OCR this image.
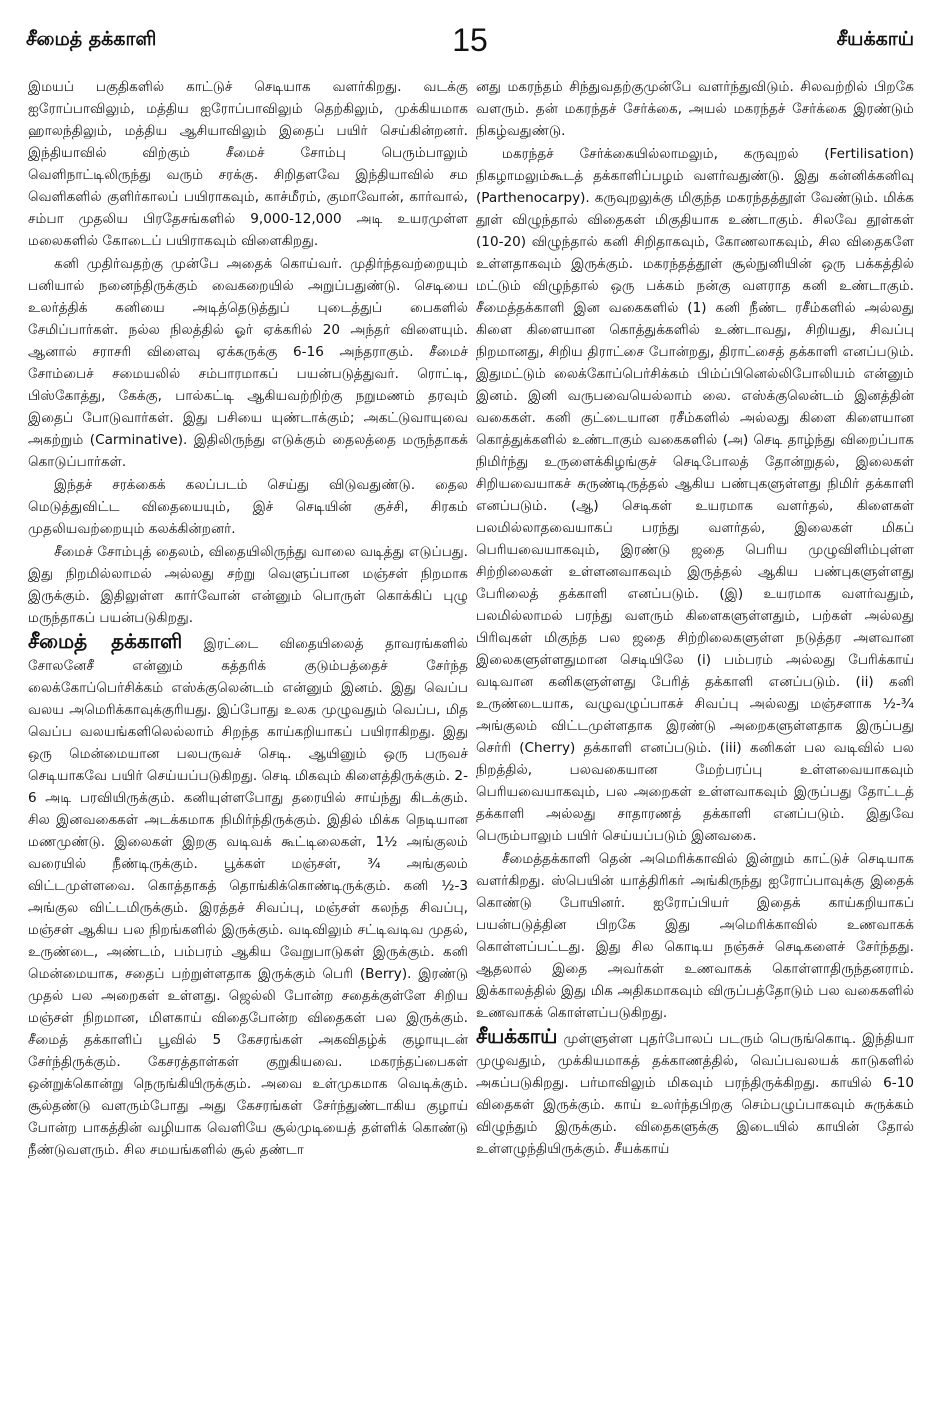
சீமைத் தக்காளி	15	சீயக்காய்

இமயப் பகுதிகளில் காட்டுச் செடியாக வளர்கிறது. வடக்கு ஐரோப்பாவிலும், மத்திய ஐரோப்பாவிலும் தெற்கிலும், முக்கியமாக ஹாலந்திலும், மத்திய ஆசியாவிலும் இதைப் பயிர் செய்கின்றனர். இந்தியாவில் விற்கும் சீமைச் சோம்பு பெரும்பாலும் வெளிநாட்டிலிருந்து வரும் சரக்கு. சிறிதளவே இந்தியாவில் சம வெளிகளில் குளிர்காலப் பயிராகவும், காச்மீரம், குமாவோன், கார்வால், சம்பா முதலிய பிரதேசங்களில் 9,000-12,000 அடி உயரமுள்ள மலைகளில் கோடைப் பயிராகவும் விளைகிறது.

கனி முதிர்வதற்கு முன்பே அதைக் கொய்வர். முதிர்ந்தவற்றையும் பனியால் நனைந்திருக்கும் வைகறையில் அறுப்பதுண்டு. செடியை உலர்த்திக் கனியை அடித்தெடுத்துப் புடைத்துப் பைகளில் சேமிப்பார்கள். நல்ல நிலத்தில் ஓர் ஏக்கரில் 20 அந்தர் விளையும். ஆனால் சராசரி விளைவு ஏக்கருக்கு 6-16 அந்தராகும். சீமைச் சோம்பைச் சமையலில் சம்பாரமாகப் பயன்படுத்துவர். ரொட்டி, பிஸ்கோத்து, கேக்கு, பால்கட்டி ஆகியவற்றிற்கு நறுமணம் தரவும் இதைப் போடுவார்கள். இது பசியை யுண்டாக்கும்; அகட்டுவாயுவை அகற்றும் (Carminative). இதிலிருந்து எடுக்கும் தைலத்தை மருந்தாகக் கொடுப்பார்கள்.

இந்தச் சரக்கைக் கலப்படம் செய்து விடுவதுண்டு. தைல மெடுத்துவிட்ட விதையையும், இச் செடியின் குச்சி, சிரகம் முதலியவற்றையும் கலக்கின்றனர்.

சீமைச் சோம்புத் தைலம், விதையிலிருந்து வாலை வடித்து எடுப்பது. இது நிறமில்லாமல் அல்லது சற்று வெளுப்பான மஞ்சள் நிறமாக இருக்கும். இதிலுள்ள கார்வோன் என்னும் பொருள் கொக்கிப் புழு மருந்தாகப் பயன்படுகிறது.

சீமைத் தக்காளி இரட்டை விதையிலைத் தாவரங்களில் சோலனேசீ என்னும் கத்தரிக் குடும்பத்தைச் சேர்ந்த லைக்கோப்பெர்சிக்கம் எஸ்க்குலென்டம் என்னும் இனம். இது வெப்ப வலய அமெரிக்காவுக்குரியது. இப்போது உலக முழுவதும் வெப்ப, மித வெப்ப வலயங்களிலெல்லாம் சிறந்த காய்கறியாகப் பயிராகிறது. இது ஒரு மென்மையான பலபருவச் செடி. ஆயினும் ஒரு பருவச் செடியாகவே பயிர் செய்யப்படுகிறது. செடி மிகவும் கிளைத்திருக்கும். 2-6 அடி பரவியிருக்கும். கனியுள்ளபோது தரையில் சாய்ந்து கிடக்கும். சில இனவகைகள் அடக்கமாக நிமிர்ந்திருக்கும். இதில் மிக்க நெடியான மணமுண்டு. இலைகள் இறகு வடிவக் கூட்டிலைகள், 1½ அங்குலம் வரையில் நீண்டிருக்கும். பூக்கள் மஞ்சள், ¾ அங்குலம் விட்டமுள்ளவை. கொத்தாகத் தொங்கிக்கொண்டிருக்கும். கனி ½-3 அங்குல விட்டமிருக்கும். இரத்தச் சிவப்பு, மஞ்சள் கலந்த சிவப்பு, மஞ்சள் ஆகிய பல நிறங்களில் இருக்கும். வடிவிலும் சட்டிவடிவ முதல், உருண்டை, அண்டம், பம்பரம் ஆகிய வேறுபாடுகள் இருக்கும். கனி மென்மையாக, சதைப் பற்றுள்ளதாக இருக்கும் பெரி (Berry). இரண்டு முதல் பல அறைகள் உள்ளது. ஜெல்லி போன்ற சதைக்குள்ளே சிறிய மஞ்சள் நிறமான, மிளகாய் விதைபோன்ற விதைகள் பல இருக்கும். சீமைத் தக்காளிப் பூவில் 5 கேசரங்கள் அகவிதழ்க் குழாயுடன் சேர்ந்திருக்கும். கேசரத்தாள்கள் குறுகியவை. மகரந்தப்பைகள் ஒன்றுக்கொன்று நெருங்கியிருக்கும். அவை உள்முகமாக வெடிக்கும். சூல்தண்டு வளரும்போது அது கேசரங்கள் சேர்ந்துண்டாகிய குழாய் போன்ற பாகத்தின் வழியாக வெளியே சூல்முடியைத் தள்ளிக் கொண்டு நீண்டுவளரும். சில சமயங்களில் சூல் தண்டா

னது மகரந்தம் சிந்துவதற்குமுன்பே வளர்ந்துவிடும். சிலவற்றில் பிறகே வளரும். தன் மகரந்தச் சேர்க்கை, அயல் மகரந்தச் சேர்க்கை இரண்டும் நிகழ்வதுண்டு.

மகரந்தச் சேர்க்கையில்லாமலும், கருவுறல் (Fertilisation) நிகழாமலும்கூடத் தக்காளிப்பழம் வளர்வதுண்டு. இது கன்னிக்கனிவு (Parthenocarpy). கருவுறலுக்கு மிகுந்த மகரந்தத்தூள் வேண்டும். மிக்க தூள் விழுந்தால் விதைகள் மிகுதியாக உண்டாகும். சிலவே தூள்கள் (10-20) விழுந்தால் கனி சிறிதாகவும், கோணலாகவும், சில விதைகளே உள்ளதாகவும் இருக்கும். மகரந்தத்தூள் சூல்நுனியின் ஒரு பக்கத்தில் மட்டும் விழுந்தால் ஒரு பக்கம் நன்கு வளராத கனி உண்டாகும். சீமைத்தக்காளி இன வகைகளில் (1) கனி நீண்ட ரசீம்களில் அல்லது கிளை கிளையான கொத்துக்களில் உண்டாவது, சிறியது, சிவப்பு நிறமானது, சிறிய திராட்சை போன்றது, திராட்சைத் தக்காளி எனப்படும். இதுமட்டும் லைக்கோப்பெர்சிக்கம் பிம்ப்பினெல்லிபோலியம் என்னும் இனம். இனி வருபவையெல்லாம் லை. எஸ்க்குலென்டம் இனத்தின் வகைகள். கனி குட்டையான ரசீம்களில் அல்லது கிளை கிளையான கொத்துக்களில் உண்டாகும் வகைகளில் (அ) செடி தாழ்ந்து விறைப்பாக நிமிர்ந்து உருளைக்கிழங்குச் செடிபோலத் தோன்றுதல், இலைகள் சிறியவையாகச் சுருண்டிருத்தல் ஆகிய பண்புகளுள்ளது நிமிர் தக்காளி எனப்படும். (ஆ) செடிகள் உயரமாக வளர்தல், கிளைகள் பலமில்லாதவையாகப் பரந்து வளர்தல், இலைகள் மிகப் பெரியவையாகவும், இரண்டு ஜதை பெரிய முழுவிளிம்புள்ள சிற்றிலைகள் உள்ளனவாகவும் இருத்தல் ஆகிய பண்புகளுள்ளது பேரிலைத் தக்காளி எனப்படும். (இ) உயரமாக வளர்வதும், பலமில்லாமல் பரந்து வளரும் கிளைகளுள்ளதும், பற்கள் அல்லது பிரிவுகள் மிகுந்த பல ஜதை சிற்றிலைகளுள்ள நடுத்தர அளவான இலைகளுள்ளதுமான செடியிலே (i) பம்பரம் அல்லது பேரிக்காய் வடிவான கனிகளுள்ளது பேரித் தக்காளி எனப்படும். (ii) கனி உருண்டையாக, வழுவழுப்பாகச் சிவப்பு அல்லது மஞ்சளாக ½-¾ அங்குலம் விட்டமுள்ளதாக இரண்டு அறைகளுள்ளதாக இருப்பது செர்ரி (Cherry) தக்காளி எனப்படும். (iii) கனிகள் பல வடிவில் பல நிறத்தில், பலவகையான மேற்பரப்பு உள்ளவையாகவும் பெரியவையாகவும், பல அறைகள் உள்ளவாகவும் இருப்பது தோட்டத் தக்காளி அல்லது சாதாரணத் தக்காளி எனப்படும். இதுவே பெரும்பாலும் பயிர் செய்யப்படும் இனவகை.

சீமைத்தக்காளி தென் அமெரிக்காவில் இன்றும் காட்டுச் செடியாக வளர்கிறது. ஸ்பெயின் யாத்திரிகர் அங்கிருந்து ஐரோப்பாவுக்கு இதைக் கொண்டு போயினர். ஐரோப்பியர் இதைக் காய்கறியாகப் பயன்படுத்தின பிறகே இது அமெரிக்காவில் உணவாகக் கொள்ளப்பட்டது. இது சில கொடிய நஞ்சுச் செடிகளைச் சேர்ந்தது. ஆதலால் இதை அவர்கள் உணவாகக் கொள்ளாதிருந்தனராம். இக்காலத்தில் இது மிக அதிகமாகவும் விருப்பத்தோடும் பல வகைகளில் உணவாகக் கொள்ளப்படுகிறது.

சீயக்காய் முள்ளுள்ள புதர்போலப் படரும் பெருங்கொடி. இந்தியா முழுவதும், முக்கியமாகத் தக்காணத்தில், வெப்பவலயக் காடுகளில் அகப்படுகிறது. பர்மாவிலும் மிகவும் பரந்திருக்கிறது. காயில் 6-10 விதைகள் இருக்கும். காய் உலர்ந்தபிறகு செம்பழுப்பாகவும் சுருக்கம் விழுந்தும் இருக்கும். விதைகளுக்கு இடையில் காயின் தோல் உள்ளழுந்தியிருக்கும். சீயக்காய்
